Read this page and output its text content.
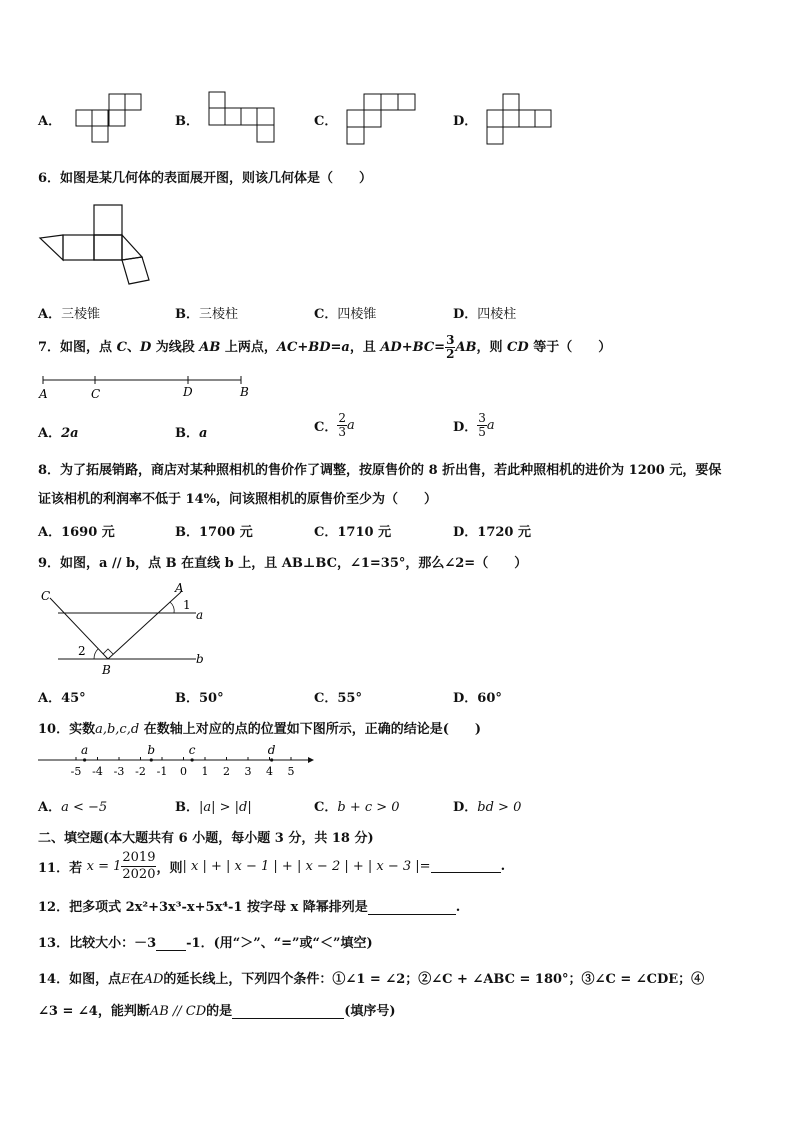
A．	B．	C．	D．
6．如图是某几何体的表面展开图，则该几何体是（　　）
A．三棱锥	B．三棱柱	C．四棱锥	D．四棱柱
7．如图，点 C、D 为线段 AB 上两点，AC+BD=a，且 $AD+BC= \frac{3}{2}$ AB，则 CD 等于（　　）
A	C	D	B
A．2a	B．a	C． $\frac{2}{3}$ a	D． $\frac{3}{5}$ a
8．为了拓展销路，商店对某种照相机的售价作了调整，按原售价的 8 折出售，若此种照相机的进价为 1200 元，要保
证该相机的利润率不低于 14%，问该照相机的原售价至少为（　　）
A．1690 元	B．1700 元	C．1710 元	D．1720 元
9．如图，a // b，点 B 在直线 b 上，且 AB⊥BC，∠1=35°，那么∠2=（　　）
C
A
1
a
2
B
b
A．45°	B．50°	C．55°	D．60°
10．实数a,b,c,d 在数轴上对应的点的位置如下图所示，正确的结论是(　　)
-5 -4 -3 -2 -1 0 1 2 3 4 5
a	b	c	d
A．a < −5	B．|a| > |d|	C．b + c > 0	D．bd > 0
二、填空题(本大题共有 6 小题，每小题 3 分，共 18 分)
11．若 $x = 1 \frac{2019}{2020}$ ，则| x | + | x − 1 | + | x − 2 | + | x − 3 |=	.
12．把多项式 2x²+3x³-x+5x⁴-1 按字母 x 降幂排列是	.
13．比较大小：－3 -1．(用“＞”、“=”或“＜”填空)
14．如图，点E在AD的延长线上，下列四个条件：①∠1 = ∠2；②∠C + ∠ABC = 180°；③∠C = ∠CDE；④
∠3 = ∠4，能判断AB // CD的是	(填序号)
